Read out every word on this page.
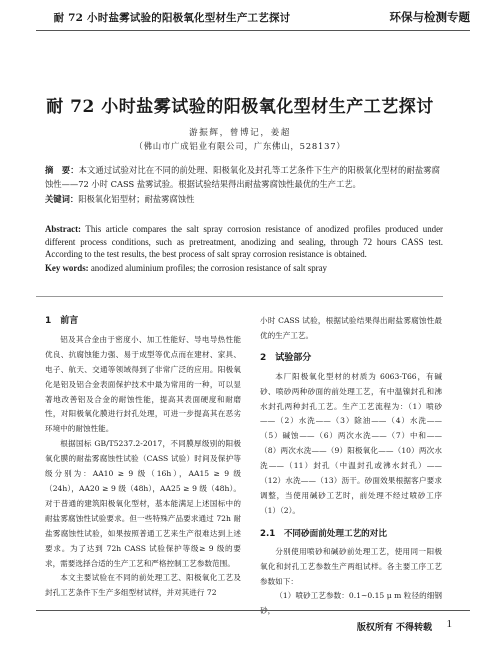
耐 72 小时盐雾试验的阳极氧化型材生产工艺探讨	环保与检测专题
耐 72 小时盐雾试验的阳极氧化型材生产工艺探讨
游振辉，曾博记，姜超
（佛山市广成铝业有限公司，广东佛山，528137）
摘　要：本文通过试验对比在不同的前处理、阳极氧化及封孔等工艺条件下生产的阳极氧化型材的耐盐雾腐蚀性——72 小时 CASS 盐雾试验。根据试验结果得出耐盐雾腐蚀性最优的生产工艺。
关键词：阳极氧化铝型材；耐盐雾腐蚀性
Abstract: This article compares the salt spray corrosion resistance of anodized profiles produced under different process conditions, such as pretreatment, anodizing and sealing, through 72 hours CASS test. According to the test results, the best process of salt spray corrosion resistance is obtained.
Key words: anodized aluminium profiles; the corrosion resistance of salt spray
1　前言

铝及其合金由于密度小、加工性能好、导电导热性能优良、抗腐蚀能力强、易于成型等优点而在建材、家具、电子、航天、交通等领域得到了非常广泛的应用。阳极氧化是铝及铝合金表面保护技术中最为常用的一种，可以显著地改善铝及合金的耐蚀性能，提高其表面硬度和耐磨性，对阳极氧化膜进行封孔处理，可进一步提高其在恶劣环境中的耐蚀性能。

根据国标 GB/T5237.2-2017，不同膜厚级别的阳极氧化膜的耐盐雾腐蚀性试验（CASS 试验）时间及保护等级分别为：AA10 ≥ 9 级（16h），AA15 ≥ 9 级（24h），AA20 ≥ 9 级（48h），AA25 ≥ 9 级（48h）。对于普通的建筑阳极氧化型材，基本能满足上述国标中的耐盐雾腐蚀性试验要求。但一些特殊产品要求通过 72h 耐盐雾腐蚀性试验，如果按照普通工艺来生产很难达到上述要求。为了达到 72h CASS 试验保护等级≥ 9 级的要求，需要选择合适的生产工艺和严格控制工艺参数范围。

本文主要试验在不同的前处理工艺、阳极氧化工艺及封孔工艺条件下生产多组型材试样，并对其进行 72

小时 CASS 试验，根据试验结果得出耐盐雾腐蚀性最优的生产工艺。

2　试验部分

本厂阳极氧化型材的材质为 6063-T66，有碱砂、喷砂两种砂面的前处理工艺，有中温镍封孔和沸水封孔两种封孔工艺。生产工艺流程为：（1）喷砂——（2）水洗——（3）除油——（4）水洗——（5）碱蚀——（6）两次水洗——（7）中和——（8）两次水洗——（9）阳极氧化——（10）两次水洗——（11）封孔（中温封孔或沸水封孔）——（12）水洗——（13）沥干。砂面效果根据客户要求调整，当使用碱砂工艺时，前处理不经过喷砂工序（1）（2）。

2.1　不同砂面前处理工艺的对比

分别使用喷砂和碱砂前处理工艺，使用同一阳极氧化和封孔工艺参数生产两组试样。各主要工序工艺参数如下：

（1）喷砂工艺参数：0.1~0.15 μ m 粒径的细钢

版权所有 不得转载 1
